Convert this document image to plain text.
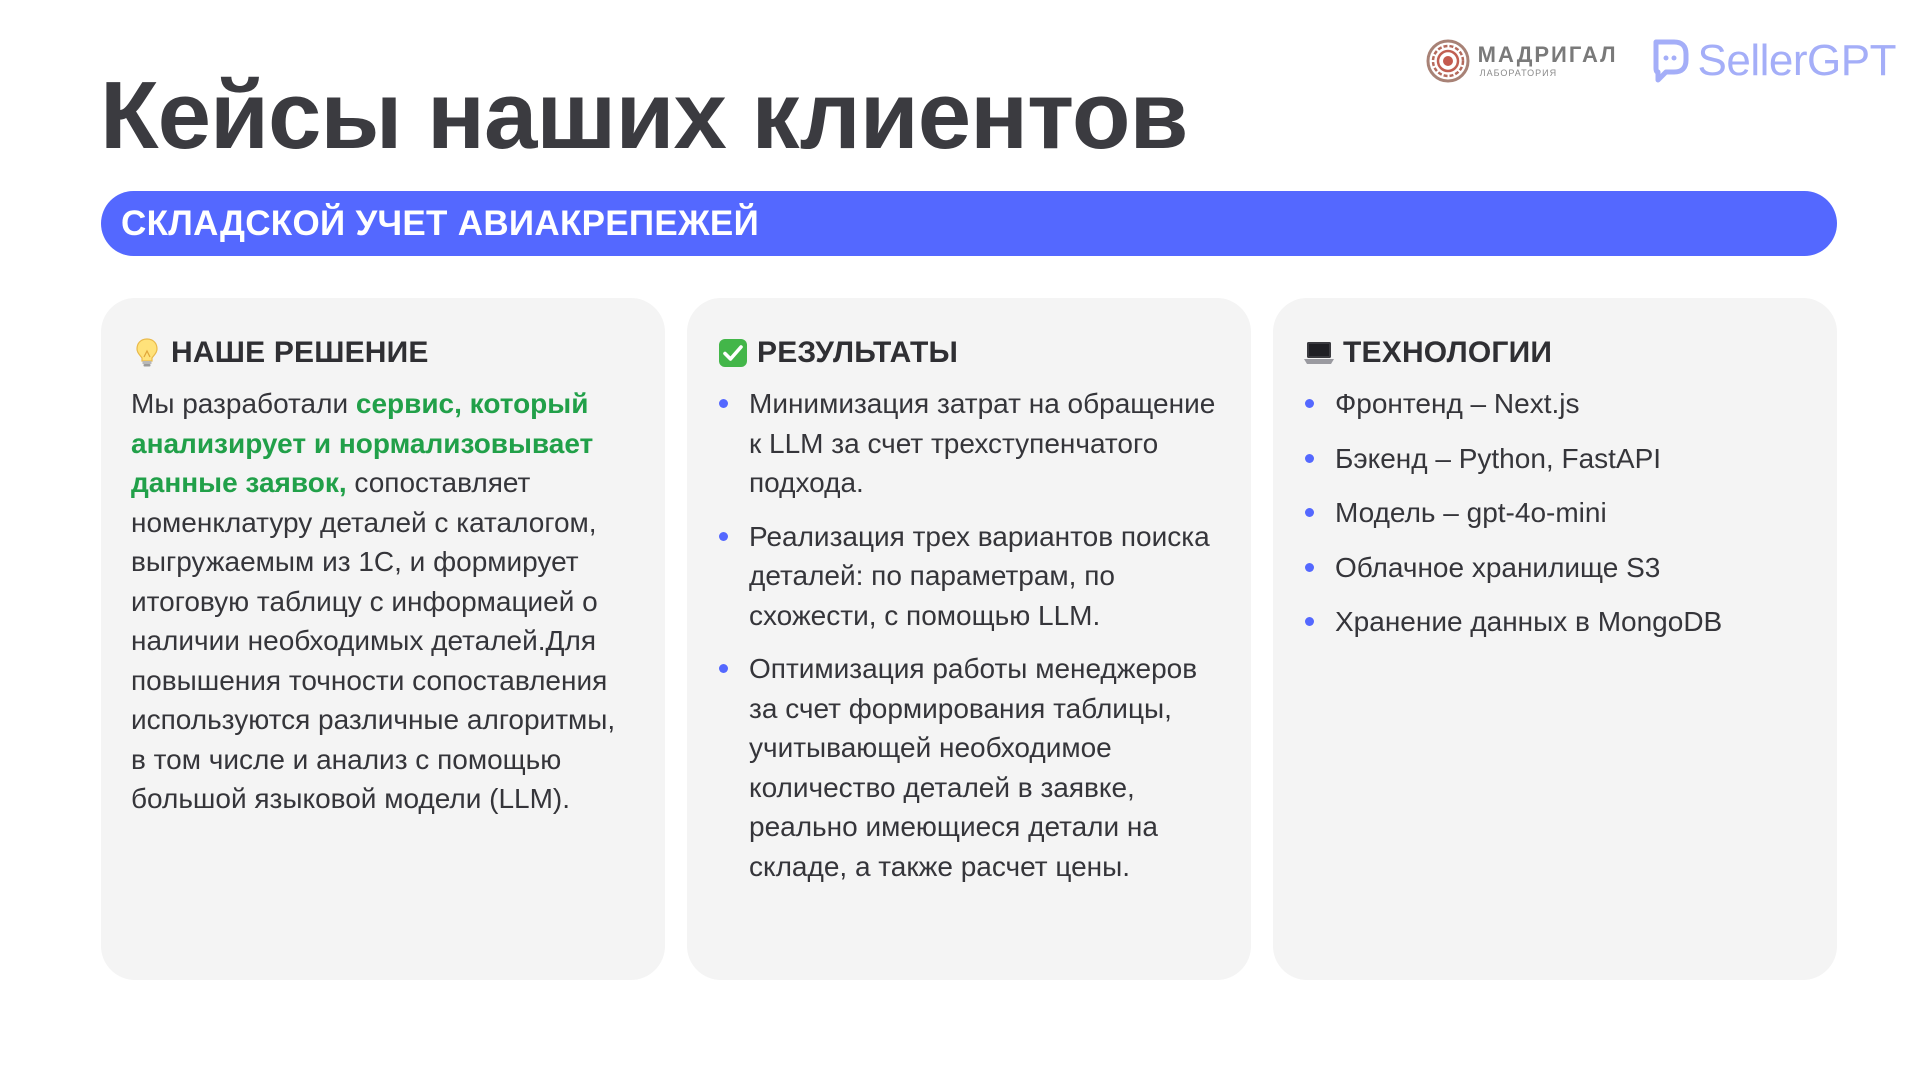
Кейсы наших клиентов
МАДРИГАЛ
ЛАБОРАТОРИЯ	SellerGPT
СКЛАДСКОЙ УЧЕТ АВИАКРЕПЕЖЕЙ
НАШЕ РЕШЕНИЕ
Мы разработали сервис, который анализирует и нормализовывает данные заявок, сопоставляет номенклатуру деталей с каталогом, выгружаемым из 1С, и формирует итоговую таблицу с информацией о наличии необходимых деталей.Для повышения точности сопоставления используются различные алгоритмы, в том числе и анализ с помощью большой языковой модели (LLM).
РЕЗУЛЬТАТЫ
Минимизация затрат на обращение к LLM за счет трехступенчатого подхода.
Реализация трех вариантов поиска деталей: по параметрам, по схожести, с помощью LLM.
Оптимизация работы менеджеров за счет формирования таблицы, учитывающей необходимое количество деталей в заявке, реально имеющиеся детали на складе, а также расчет цены.
ТЕХНОЛОГИИ
Фронтенд – Next.js
Бэкенд – Python, FastAPI
Модель – gpt-4o-mini
Облачное хранилище S3
Хранение данных в MongoDB
